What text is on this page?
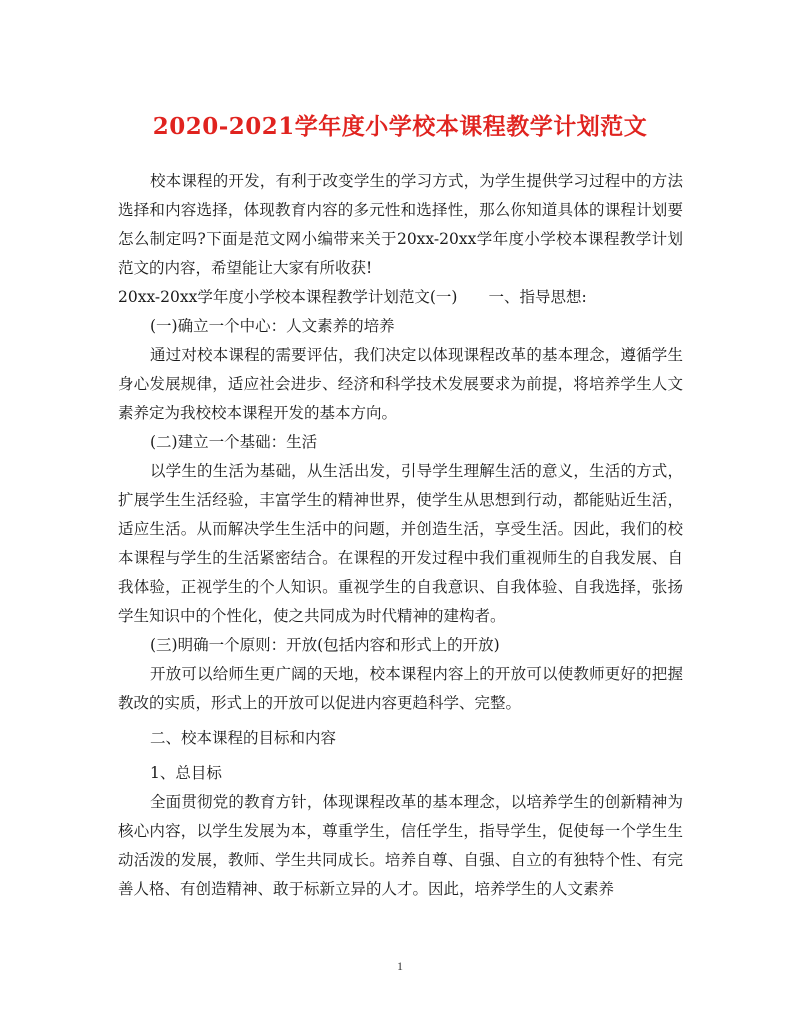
2020-2021学年度小学校本课程教学计划范文

校本课程的开发，有利于改变学生的学习方式，为学生提供学习过程中的方法选择和内容选择，体现教育内容的多元性和选择性，那么你知道具体的课程计划要怎么制定吗?下面是范文网小编带来关于20xx-20xx学年度小学校本课程教学计划范文的内容，希望能让大家有所收获!

20xx-20xx学年度小学校本课程教学计划范文(一)　　一、指导思想:

(一)确立一个中心：人文素养的培养

通过对校本课程的需要评估，我们决定以体现课程改革的基本理念，遵循学生身心发展规律，适应社会进步、经济和科学技术发展要求为前提，将培养学生人文素养定为我校校本课程开发的基本方向。

(二)建立一个基础：生活

以学生的生活为基础，从生活出发，引导学生理解生活的意义，生活的方式，扩展学生生活经验，丰富学生的精神世界，使学生从思想到行动，都能贴近生活，适应生活。从而解决学生生活中的问题，并创造生活，享受生活。因此，我们的校本课程与学生的生活紧密结合。在课程的开发过程中我们重视师生的自我发展、自我体验，正视学生的个人知识。重视学生的自我意识、自我体验、自我选择，张扬学生知识中的个性化，使之共同成为时代精神的建构者。

(三)明确一个原则：开放(包括内容和形式上的开放)

开放可以给师生更广阔的天地，校本课程内容上的开放可以使教师更好的把握教改的实质，形式上的开放可以促进内容更趋科学、完整。

二、校本课程的目标和内容

1、总目标

全面贯彻党的教育方针，体现课程改革的基本理念，以培养学生的创新精神为核心内容，以学生发展为本，尊重学生，信任学生，指导学生，促使每一个学生生动活泼的发展，教师、学生共同成长。培养自尊、自强、自立的有独特个性、有完善人格、有创造精神、敢于标新立异的人才。因此，培养学生的人文素养

1
